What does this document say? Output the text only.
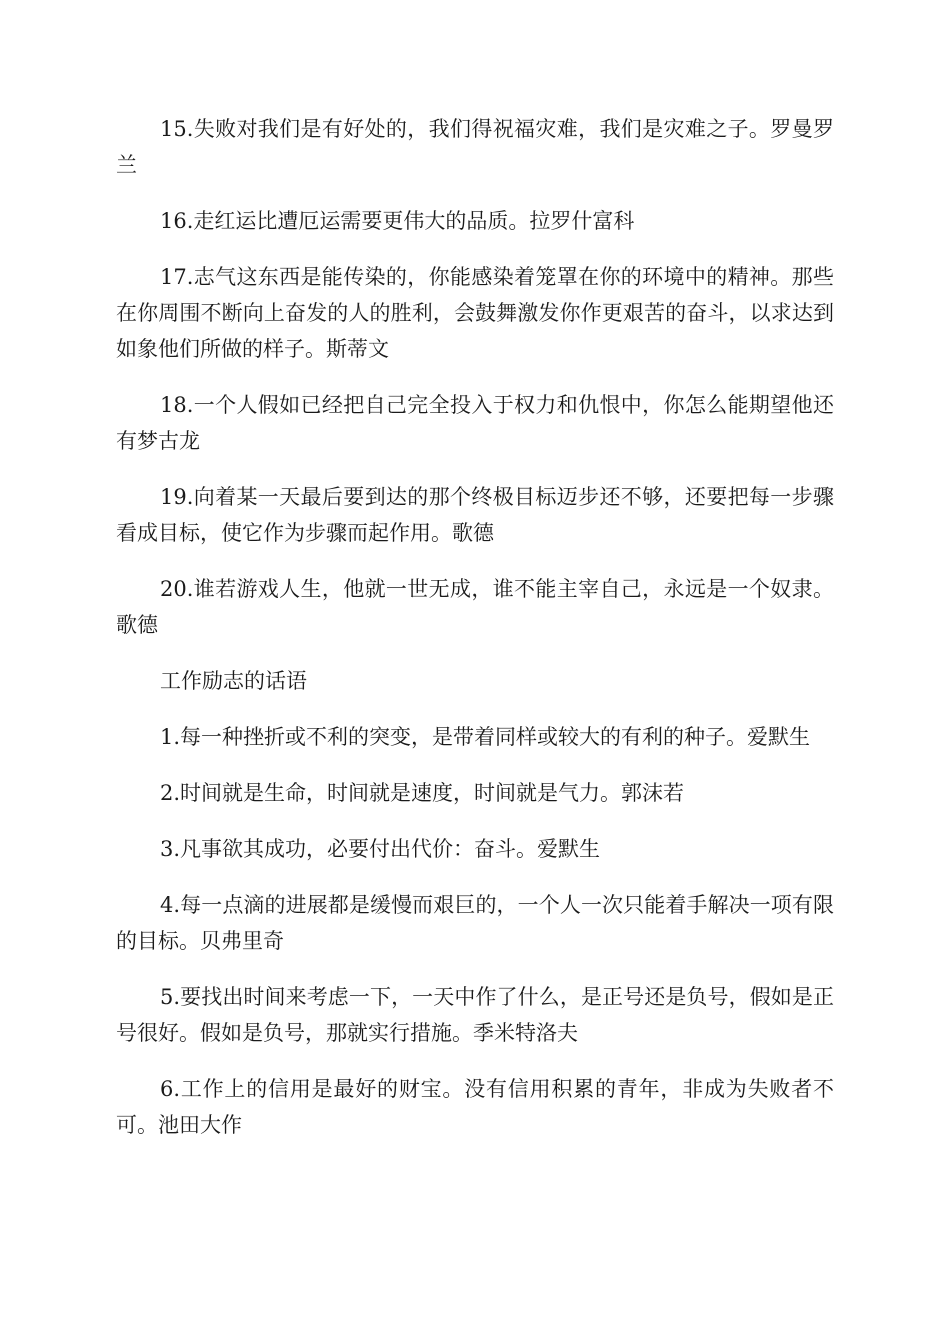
15.失败对我们是有好处的，我们得祝福灾难，我们是灾难之子。罗曼罗兰

16.走红运比遭厄运需要更伟大的品质。拉罗什富科

17.志气这东西是能传染的，你能感染着笼罩在你的环境中的精神。那些在你周围不断向上奋发的人的胜利，会鼓舞激发你作更艰苦的奋斗，以求达到如象他们所做的样子。斯蒂文

18.一个人假如已经把自己完全投入于权力和仇恨中，你怎么能期望他还有梦古龙

19.向着某一天最后要到达的那个终极目标迈步还不够，还要把每一步骤看成目标，使它作为步骤而起作用。歌德

20.谁若游戏人生，他就一世无成，谁不能主宰自己，永远是一个奴隶。歌德

工作励志的话语

1.每一种挫折或不利的突变，是带着同样或较大的有利的种子。爱默生

2.时间就是生命，时间就是速度，时间就是气力。郭沫若

3.凡事欲其成功，必要付出代价：奋斗。爱默生

4.每一点滴的进展都是缓慢而艰巨的，一个人一次只能着手解决一项有限的目标。贝弗里奇

5.要找出时间来考虑一下，一天中作了什么，是正号还是负号，假如是正号很好。假如是负号，那就实行措施。季米特洛夫

6.工作上的信用是最好的财宝。没有信用积累的青年，非成为失败者不可。池田大作
